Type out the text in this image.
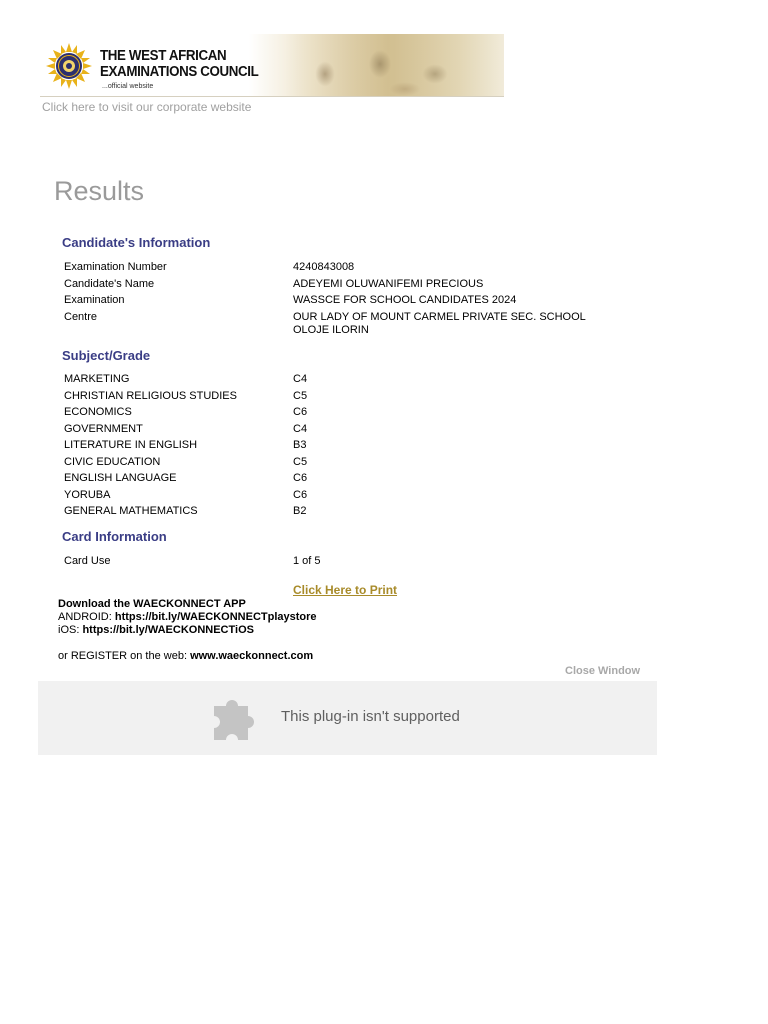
THE WEST AFRICAN
EXAMINATIONS COUNCIL
...official website
Click here to visit our corporate website
Results
Candidate's Information
Examination Number	4240843008
Candidate's Name	ADEYEMI OLUWANIFEMI PRECIOUS
Examination	WASSCE FOR SCHOOL CANDIDATES 2024
Centre	OUR LADY OF MOUNT CARMEL PRIVATE SEC. SCHOOL OLOJE ILORIN
Subject/Grade
MARKETING	C4
CHRISTIAN RELIGIOUS STUDIES	C5
ECONOMICS	C6
GOVERNMENT	C4
LITERATURE IN ENGLISH	B3
CIVIC EDUCATION	C5
ENGLISH LANGUAGE	C6
YORUBA	C6
GENERAL MATHEMATICS	B2
Card Information
Card Use	1 of 5
Click Here to Print
Download the WAECKONNECT APP
ANDROID: https://bit.ly/WAECKONNECTplaystore
iOS: https://bit.ly/WAECKONNECTiOS
or REGISTER on the web: www.waeckonnect.com
Close Window
This plug-in isn't supported
